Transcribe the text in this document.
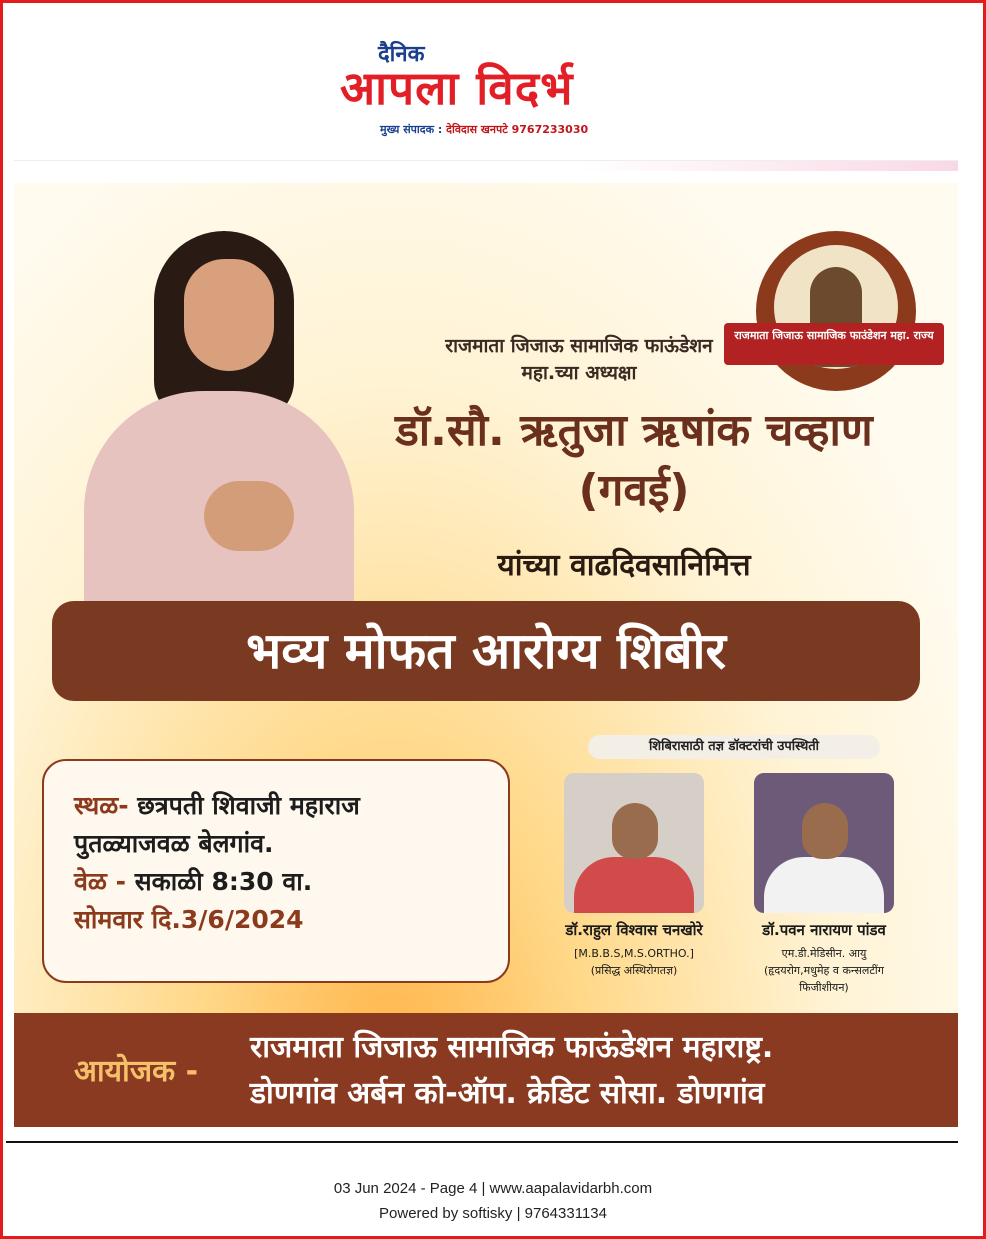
दैनिक
आपला विदर्भ
मुख्य संपादक : देविदास खनपटे 9767233030
राजमाता जिजाऊ सामाजिक फाउंडेशन महा. राज्य
राजमाता जिजाऊ सामाजिक फाऊंडेशन महा.च्या अध्यक्षा
डॉ.सौ. ऋतुजा ऋषांक चव्हाण
(गवई)
यांच्या वाढदिवसानिमित्त
भव्य मोफत आरोग्य शिबीर
शिबिरासाठी तज्ञ डॉक्टरांची उपस्थिती
स्थळ- छत्रपती शिवाजी महाराज
पुतळ्याजवळ बेलगांव.
वेळ - सकाळी 8:30 वा.
सोमवार दि.3/6/2024	डॉ.राहुल विश्वास चनखोरे
[M.B.B.S,M.S.ORTHO.]
(प्रसिद्ध अस्थिरोगतज्ञ)
डॉ.पवन नारायण पांडव
एम.डी.मेडिसीन. आयु
(हृदयरोग,मधुमेह व कन्सलटींग
फिजीशीयन)
आयोजक -
राजमाता जिजाऊ सामाजिक फाऊंडेशन महाराष्ट्र.
डोणगांव अर्बन को-ऑप. क्रेडिट सोसा. डोणगांव
03 Jun 2024 - Page 4 | www.aapalavidarbh.com
Powered by softisky | 9764331134
